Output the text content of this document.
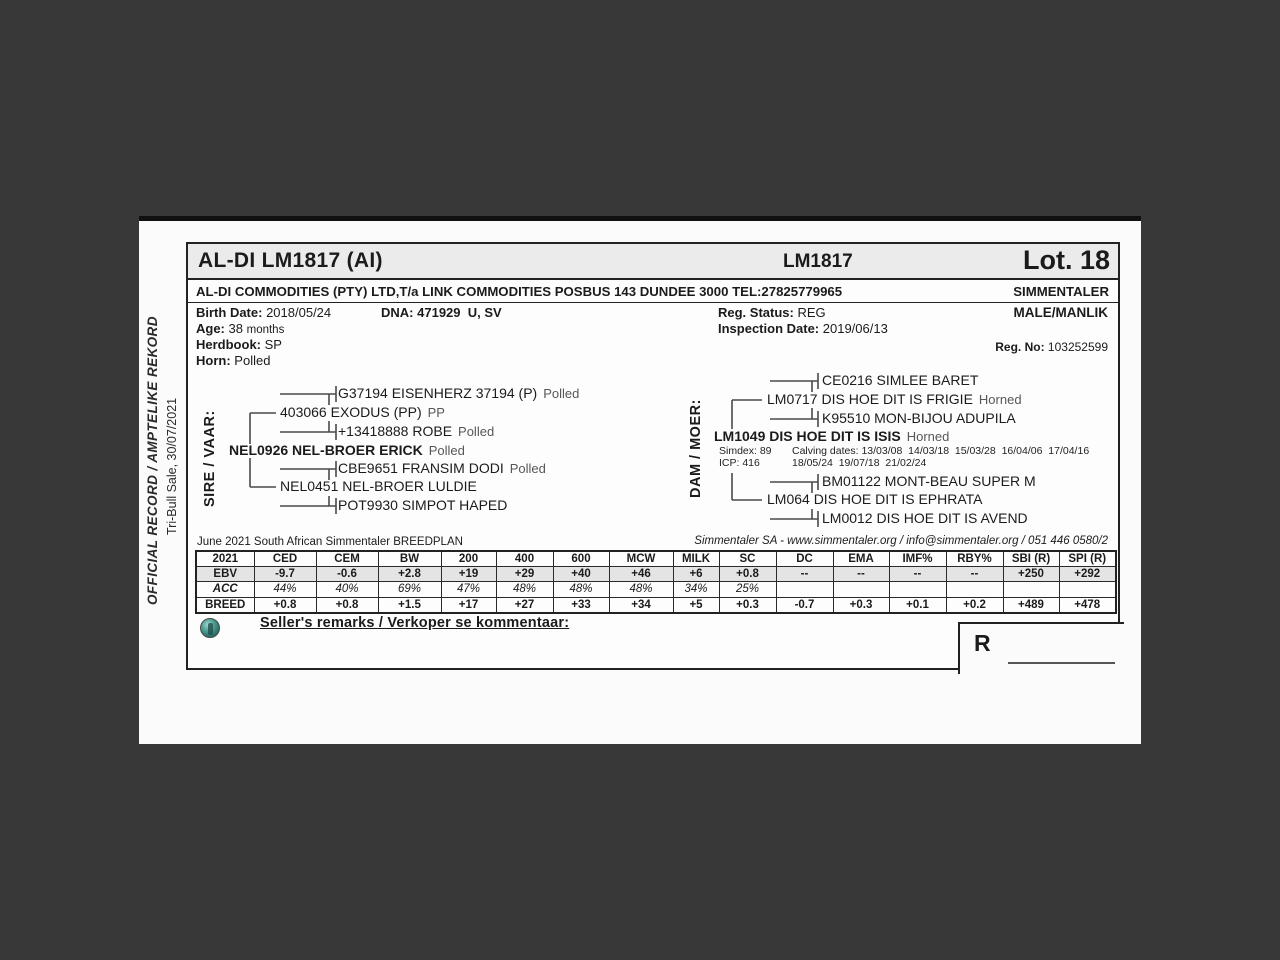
OFFICIAL RECORD / AMPTELIKE REKORD Tri-Bull Sale, 30/07/2021
AL-DI LM1817 (AI)	LM1817	Lot. 18
AL-DI COMMODITIES (PTY) LTD,T/a LINK COMMODITIES POSBUS 143 DUNDEE 3000 TEL:27825779965	SIMMENTALER
Birth Date: 2018/05/24	DNA: 471929  U, SV
Age: 38 months
Herdbook: SP
Horn: Polled
Reg. Status: REG
Inspection Date: 2019/06/13
MALE/MANLIK
Reg. No: 103252599
SIRE / VAAR:
G37194 EISENHERZ 37194 (P) Polled
403066 EXODUS (PP) PP
+13418888 ROBE Polled
NEL0926 NEL-BROER ERICK Polled
CBE9651 FRANSIM DODI Polled
NEL0451 NEL-BROER LULDIE
POT9930 SIMPOT HAPED
DAM / MOER:
CE0216 SIMLEE BARET
LM0717 DIS HOE DIT IS FRIGIE Horned
K95510 MON-BIJOU ADUPILA
LM1049 DIS HOE DIT IS ISIS Horned
Simdex: 89
ICP: 416
Calving dates: 13/03/08  14/03/18  15/03/28  16/04/06  17/04/16
18/05/24  19/07/18  21/02/24
BM01122 MONT-BEAU SUPER M
LM064 DIS HOE DIT IS EPHRATA
LM0012 DIS HOE DIT IS AVEND
June 2021 South African Simmentaler BREEDPLAN	Simmentaler SA - www.simmentaler.org / info@simmentaler.org / 051 446 0580/2
2021	CED	CEM	BW	200	400	600	MCW	MILK	SC	DC	EMA	IMF%	RBY%	SBI (R)	SPI (R)
EBV	-9.7	-0.6	+2.8	+19	+29	+40	+46	+6	+0.8	--	--	--	--	+250	+292
ACC	44%	40%	69%	47%	48%	48%	48%	34%	25%						
BREED	+0.8	+0.8	+1.5	+17	+27	+33	+34	+5	+0.3	-0.7	+0.3	+0.1	+0.2	+489	+478
Seller's remarks / Verkoper se kommentaar:
R
